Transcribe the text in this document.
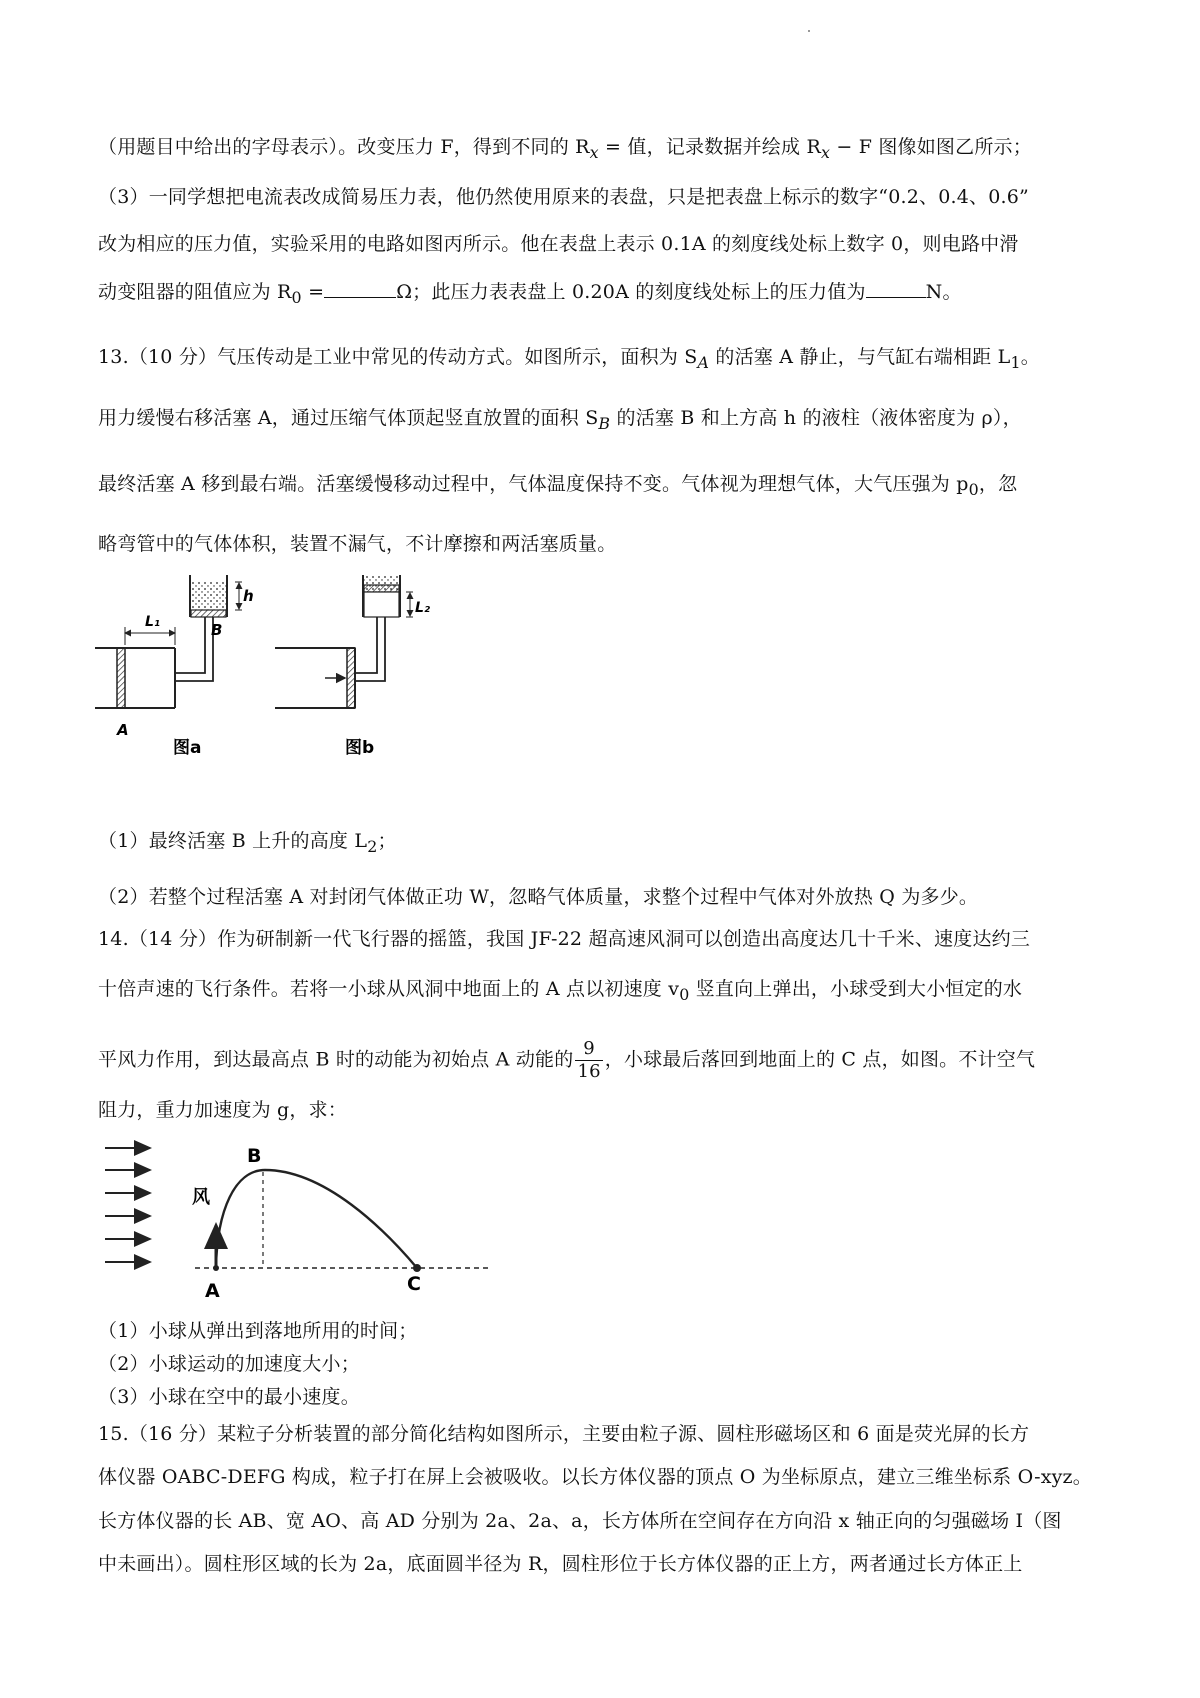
（用题目中给出的字母表示）。改变压力 F，得到不同的 $R_x$ = 值，记录数据并绘成 $R_x - F$ 图像如图乙所示；
（3）一同学想把电流表改成简易压力表，他仍然使用原来的表盘，只是把表盘上标示的数字“0.2、0.4、0.6”
改为相应的压力值，实验采用的电路如图丙所示。他在表盘上表示 0.1A 的刻度线处标上数字 0，则电路中滑
动变阻器的阻值应为 $R_0$ =	Ω；此压力表表盘上 0.20A 的刻度线处标上的压力值为	N。
13.（10 分）气压传动是工业中常见的传动方式。如图所示，面积为 $S_A$ 的活塞 A 静止，与气缸右端相距 $L_1$。
用力缓慢右移活塞 A，通过压缩气体顶起竖直放置的面积 $S_B$ 的活塞 B 和上方高 h 的液柱（液体密度为 ρ），
最终活塞 A 移到最右端。活塞缓慢移动过程中，气体温度保持不变。气体视为理想气体，大气压强为 $p_0$，忽
略弯管中的气体体积，装置不漏气，不计摩擦和两活塞质量。
h
L₁	B
A
图a
L₂
图b
（1）最终活塞 B 上升的高度 $L_2$；
（2）若整个过程活塞 A 对封闭气体做正功 W，忽略气体质量，求整个过程中气体对外放热 Q 为多少。
14.（14 分）作为研制新一代飞行器的摇篮，我国 JF-22 超高速风洞可以创造出高度达几十千米、速度达约三
十倍声速的飞行条件。若将一小球从风洞中地面上的 A 点以初速度 $v_0$ 竖直向上弹出，小球受到大小恒定的水
平风力作用，到达最高点 B 时的动能为初始点 A 动能的 $\frac{9}{16}$ ，小球最后落回到地面上的 C 点，如图。不计空气
阻力，重力加速度为 g，求：
风
B
A	C
（1）小球从弹出到落地所用的时间；
（2）小球运动的加速度大小；
（3）小球在空中的最小速度。
15.（16 分）某粒子分析装置的部分简化结构如图所示，主要由粒子源、圆柱形磁场区和 6 面是荧光屏的长方
体仪器 OABC-DEFG 构成，粒子打在屏上会被吸收。以长方体仪器的顶点 O 为坐标原点，建立三维坐标系 O-xyz。
长方体仪器的长 AB、宽 AO、高 AD 分别为 2a、2a、a，长方体所在空间存在方向沿 x 轴正向的匀强磁场 I（图
中未画出）。圆柱形区域的长为 2a，底面圆半径为 R，圆柱形位于长方体仪器的正上方，两者通过长方体正上
